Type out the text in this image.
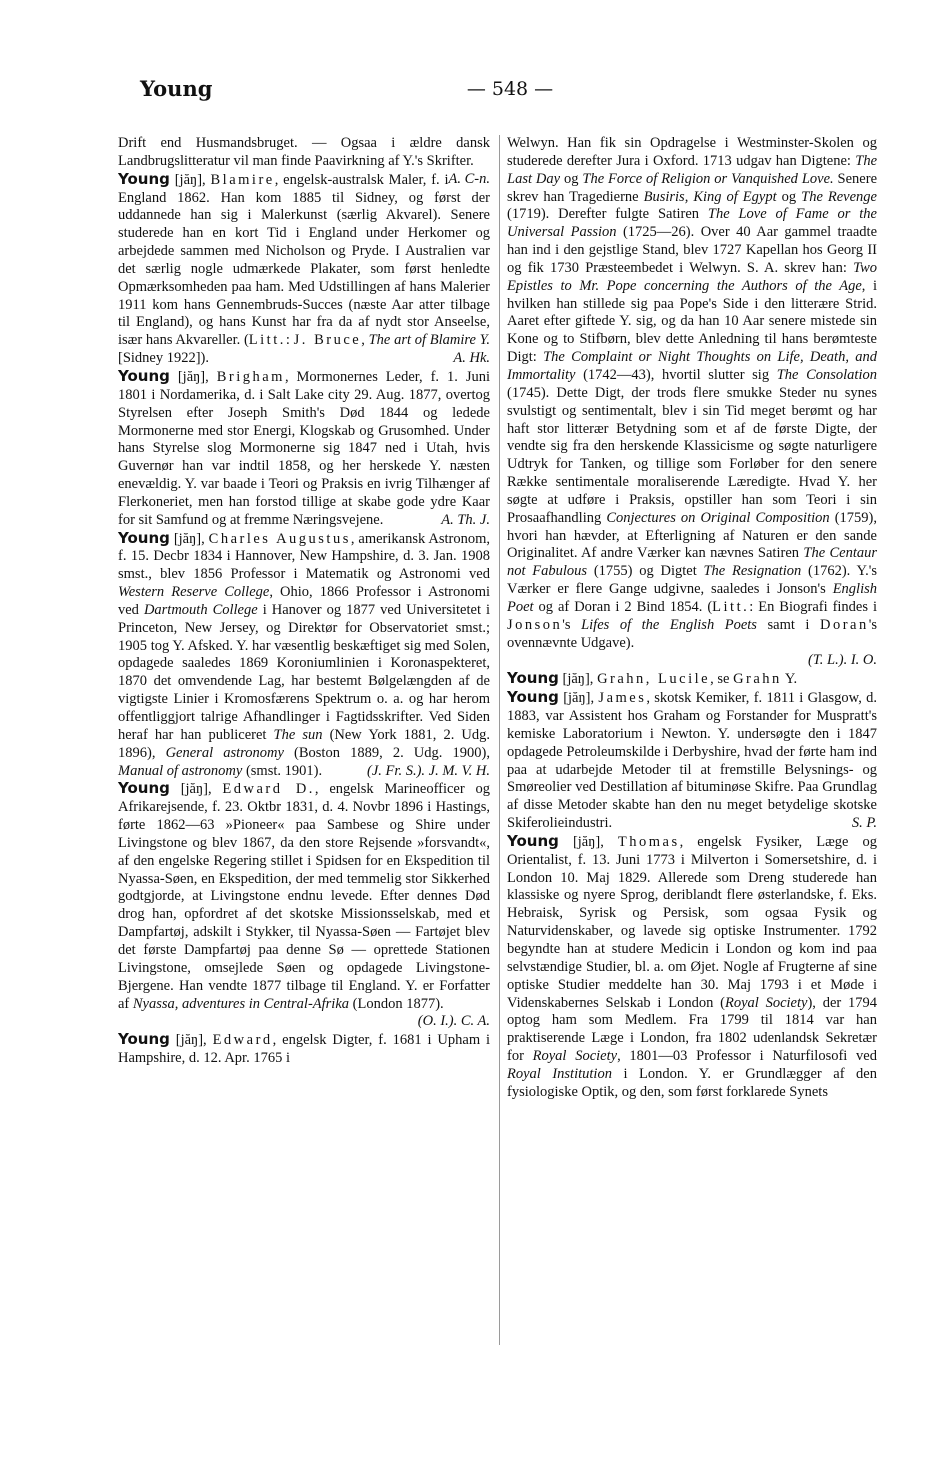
Young	— 548 —

Drift end Husmandsbruget. — Ogsaa i ældre dansk Landbrugslitteratur vil man finde Paavirkning af Y.'s Skrifter.
A. C-n.

Young [jăŋ], Blamire, engelsk-australsk Maler, f. i England 1862. Han kom 1885 til Sidney, og først der uddannede han sig i Malerkunst (særlig Akvarel). Senere studerede han en kort Tid i England under Herkomer og arbejdede sammen med Nicholson og Pryde. I Australien var det særlig nogle udmærkede Plakater, som først henledte Opmærksomheden paa ham. Med Udstillingen af hans Malerier 1911 kom hans Gennembruds-Succes (næste Aar atter tilbage til England), og hans Kunst har fra da af nydt stor Anseelse, især hans Akvareller. (Litt.: J. Bruce, The art of Blamire Y. [Sidney 1922]).	A. Hk.

Young [jăŋ], Brigham, Mormonernes Leder, f. 1. Juni 1801 i Nordamerika, d. i Salt Lake city 29. Aug. 1877, overtog Styrelsen efter Joseph Smith's Død 1844 og ledede Mormonerne med stor Energi, Klogskab og Grusomhed. Under hans Styrelse slog Mormonerne sig 1847 ned i Utah, hvis Guvernør han var indtil 1858, og her herskede Y. næsten enevældig. Y. var baade i Teori og Praksis en ivrig Tilhænger af Flerkoneriet, men han forstod tillige at skabe gode ydre Kaar for sit Samfund og at fremme Næringsvejene.	A. Th. J.

Young [jăŋ], Charles Augustus, amerikansk Astronom, f. 15. Decbr 1834 i Hannover, New Hampshire, d. 3. Jan. 1908 smst., blev 1856 Professor i Matematik og Astronomi ved Western Reserve College, Ohio, 1866 Professor i Astronomi ved Dartmouth College i Hanover og 1877 ved Universitetet i Princeton, New Jersey, og Direktør for Observatoriet smst.; 1905 tog Y. Afsked. Y. har væsentlig beskæftiget sig med Solen, opdagede saaledes 1869 Koroniumlinien i Koronaspekteret, 1870 det omvendende Lag, har bestemt Bølgelængden af de vigtigste Linier i Kromosfærens Spektrum o. a. og har herom offentliggjort talrige Afhandlinger i Fagtidsskrifter. Ved Siden heraf har han publiceret The sun (New York 1881, 2. Udg. 1896), General astronomy (Boston 1889, 2. Udg. 1900), Manual of astronomy (smst. 1901).	(J. Fr. S.). J. M. V. H.

Young [jăŋ], Edward D., engelsk Marineofficer og Afrikarejsende, f. 23. Oktbr 1831, d. 4. Novbr 1896 i Hastings, førte 1862—63 »Pioneer« paa Sambese og Shire under Livingstone og blev 1867, da den store Rejsende »forsvandt«, af den engelske Regering stillet i Spidsen for en Ekspedition til Nyassa-Søen, en Ekspedition, der med temmelig stor Sikkerhed godtgjorde, at Livingstone endnu levede. Efter dennes Død drog han, opfordret af det skotske Missionsselskab, med et Dampfartøj, adskilt i Stykker, til Nyassa-Søen — Fartøjet blev det første Dampfartøj paa denne Sø — oprettede Stationen Livingstone, omsejlede Søen og opdagede Livingstone-Bjergene. Han vendte 1877 tilbage til England. Y. er Forfatter af Nyassa, adventures in Central-Afrika (London 1877).

(O. I.). C. A.

Young [jăŋ], Edward, engelsk Digter, f. 1681 i Upham i Hampshire, d. 12. Apr. 1765 i

Welwyn. Han fik sin Opdragelse i Westminster-Skolen og studerede derefter Jura i Oxford. 1713 udgav han Digtene: The Last Day og The Force of Religion or Vanquished Love. Senere skrev han Tragedierne Busiris, King of Egypt og The Revenge (1719). Derefter fulgte Satiren The Love of Fame or the Universal Passion (1725—26). Over 40 Aar gammel traadte han ind i den gejstlige Stand, blev 1727 Kapellan hos Georg II og fik 1730 Præsteembedet i Welwyn. S. A. skrev han: Two Epistles to Mr. Pope concerning the Authors of the Age, i hvilken han stillede sig paa Pope's Side i den litterære Strid. Aaret efter giftede Y. sig, og da han 10 Aar senere mistede sin Kone og to Stifbørn, blev dette Anledning til hans berømteste Digt: The Complaint or Night Thoughts on Life, Death, and Immortality (1742—43), hvortil slutter sig The Consolation (1745). Dette Digt, der trods flere smukke Steder nu synes svulstigt og sentimentalt, blev i sin Tid meget berømt og har haft stor litterær Betydning som et af de første Digte, der vendte sig fra den herskende Klassicisme og søgte naturligere Udtryk for Tanken, og tillige som Forløber for den senere Række sentimentale moraliserende Læredigte. Hvad Y. her søgte at udføre i Praksis, opstiller han som Teori i sin Prosaafhandling Conjectures on Original Composition (1759), hvori han hævder, at Efterligning af Naturen er den sande Originalitet. Af andre Værker kan nævnes Satiren The Centaur not Fabulous (1755) og Digtet The Resignation (1762). Y.'s Værker er flere Gange udgivne, saaledes i Jonson's English Poet og af Doran i 2 Bind 1854. (Litt.: En Biografi findes i Jonson's Lifes of the English Poets samt i Doran's ovennævnte Udgave).

(T. L.). I. O.

Young [jăŋ], Grahn, Lucile, se Grahn Y.

Young [jăŋ], James, skotsk Kemiker, f. 1811 i Glasgow, d. 1883, var Assistent hos Graham og Forstander for Muspratt's kemiske Laboratorium i Newton. Y. undersøgte den i 1847 opdagede Petroleumskilde i Derbyshire, hvad der førte ham ind paa at udarbejde Metoder til at fremstille Belysnings- og Smøreolier ved Destillation af bituminøse Skifre. Paa Grundlag af disse Metoder skabte han den nu meget betydelige skotske Skiferolieindustri.	S. P.

Young [jăŋ], Thomas, engelsk Fysiker, Læge og Orientalist, f. 13. Juni 1773 i Milverton i Somersetshire, d. i London 10. Maj 1829. Allerede som Dreng studerede han klassiske og nyere Sprog, deriblandt flere østerlandske, f. Eks. Hebraisk, Syrisk og Persisk, som ogsaa Fysik og Naturvidenskaber, og lavede sig optiske Instrumenter. 1792 begyndte han at studere Medicin i London og kom ind paa selvstændige Studier, bl. a. om Øjet. Nogle af Frugterne af sine optiske Studier meddelte han 30. Maj 1793 i et Møde i Videnskabernes Selskab i London (Royal Society), der 1794 optog ham som Medlem. Fra 1799 til 1814 var han praktiserende Læge i London, fra 1802 udenlandsk Sekretær for Royal Society, 1801—03 Professor i Naturfilosofi ved Royal Institution i London. Y. er Grundlægger af den fysiologiske Optik, og den, som først forklarede Synets
